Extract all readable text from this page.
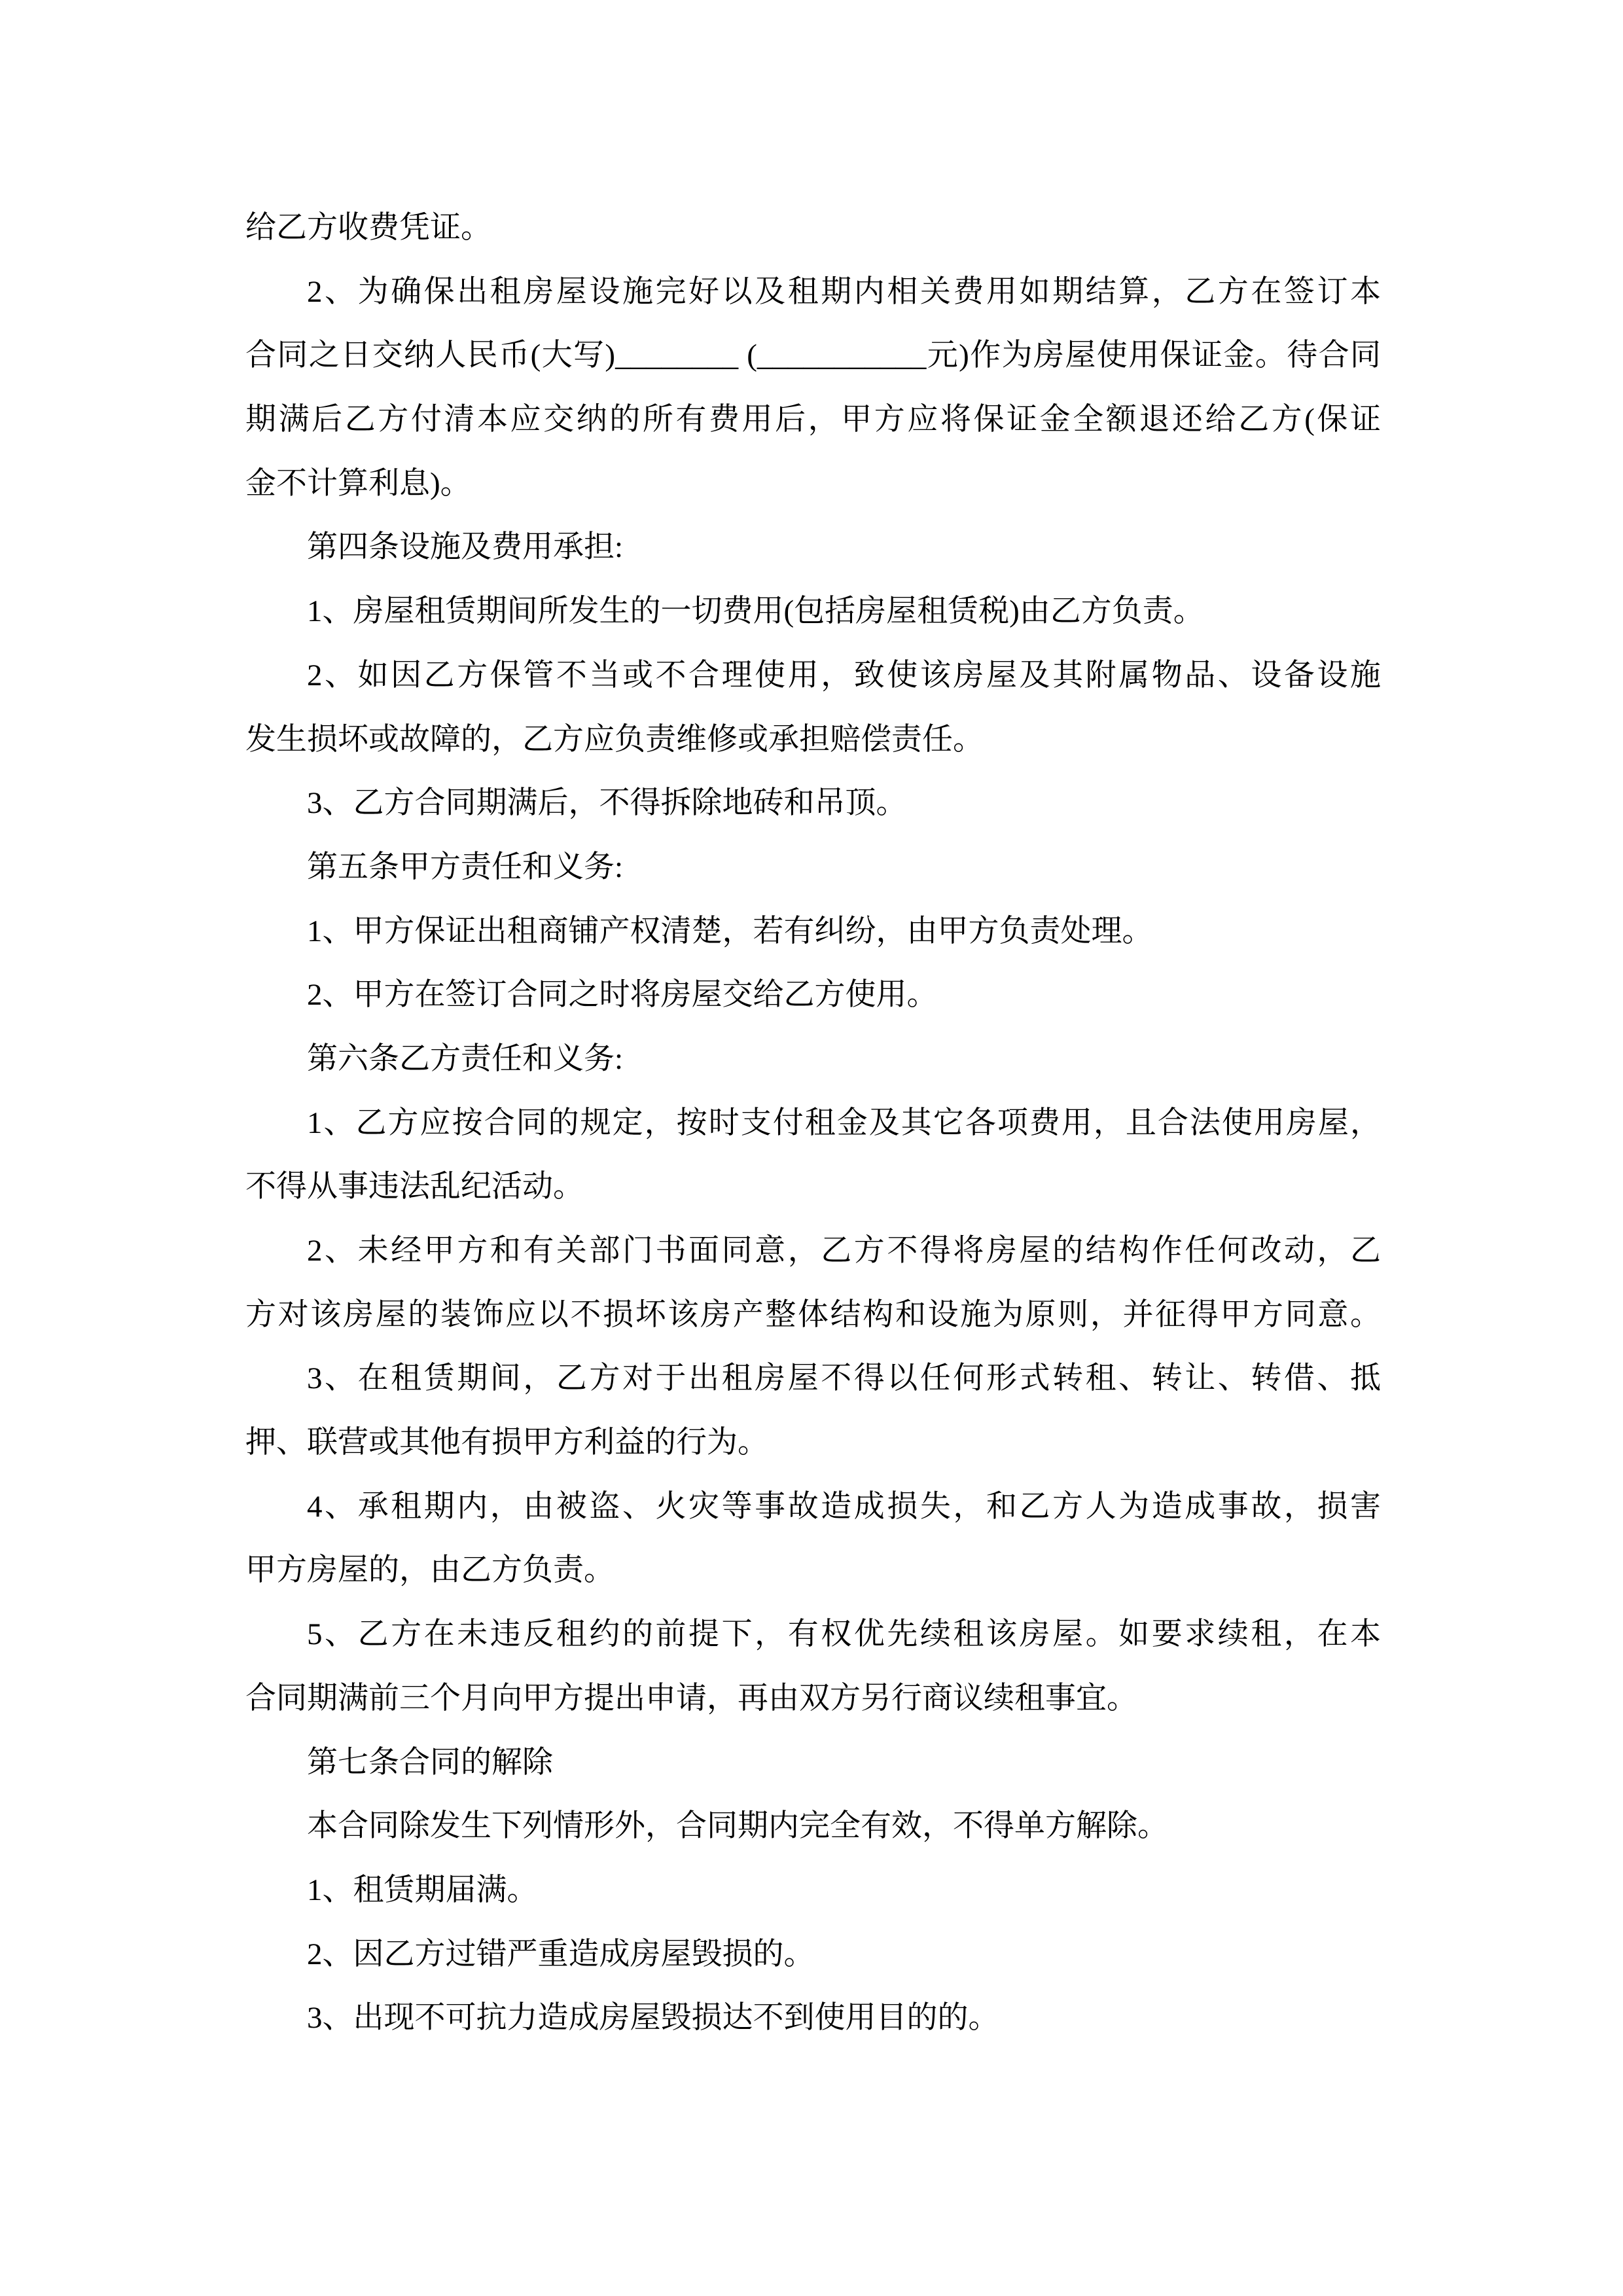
给乙方收费凭证。
2、为确保出租房屋设施完好以及租期内相关费用如期结算，乙方在签订本
合同之日交纳人民币(大写)________ (___________元)作为房屋使用保证金。待合同
期满后乙方付清本应交纳的所有费用后，甲方应将保证金全额退还给乙方(保证
金不计算利息)。
第四条设施及费用承担:
1、房屋租赁期间所发生的一切费用(包括房屋租赁税)由乙方负责。
2、如因乙方保管不当或不合理使用，致使该房屋及其附属物品、设备设施
发生损坏或故障的，乙方应负责维修或承担赔偿责任。
3、乙方合同期满后，不得拆除地砖和吊顶。
第五条甲方责任和义务:
1、甲方保证出租商铺产权清楚，若有纠纷，由甲方负责处理。
2、甲方在签订合同之时将房屋交给乙方使用。
第六条乙方责任和义务:
1、乙方应按合同的规定，按时支付租金及其它各项费用，且合法使用房屋，
不得从事违法乱纪活动。
2、未经甲方和有关部门书面同意，乙方不得将房屋的结构作任何改动，乙
方对该房屋的装饰应以不损坏该房产整体结构和设施为原则，并征得甲方同意。
3、在租赁期间，乙方对于出租房屋不得以任何形式转租、转让、转借、抵
押、联营或其他有损甲方利益的行为。
4、承租期内，由被盗、火灾等事故造成损失，和乙方人为造成事故，损害
甲方房屋的，由乙方负责。
5、乙方在未违反租约的前提下，有权优先续租该房屋。如要求续租，在本
合同期满前三个月向甲方提出申请，再由双方另行商议续租事宜。
第七条合同的解除
本合同除发生下列情形外，合同期内完全有效，不得单方解除。
1、租赁期届满。
2、因乙方过错严重造成房屋毁损的。
3、出现不可抗力造成房屋毁损达不到使用目的的。
